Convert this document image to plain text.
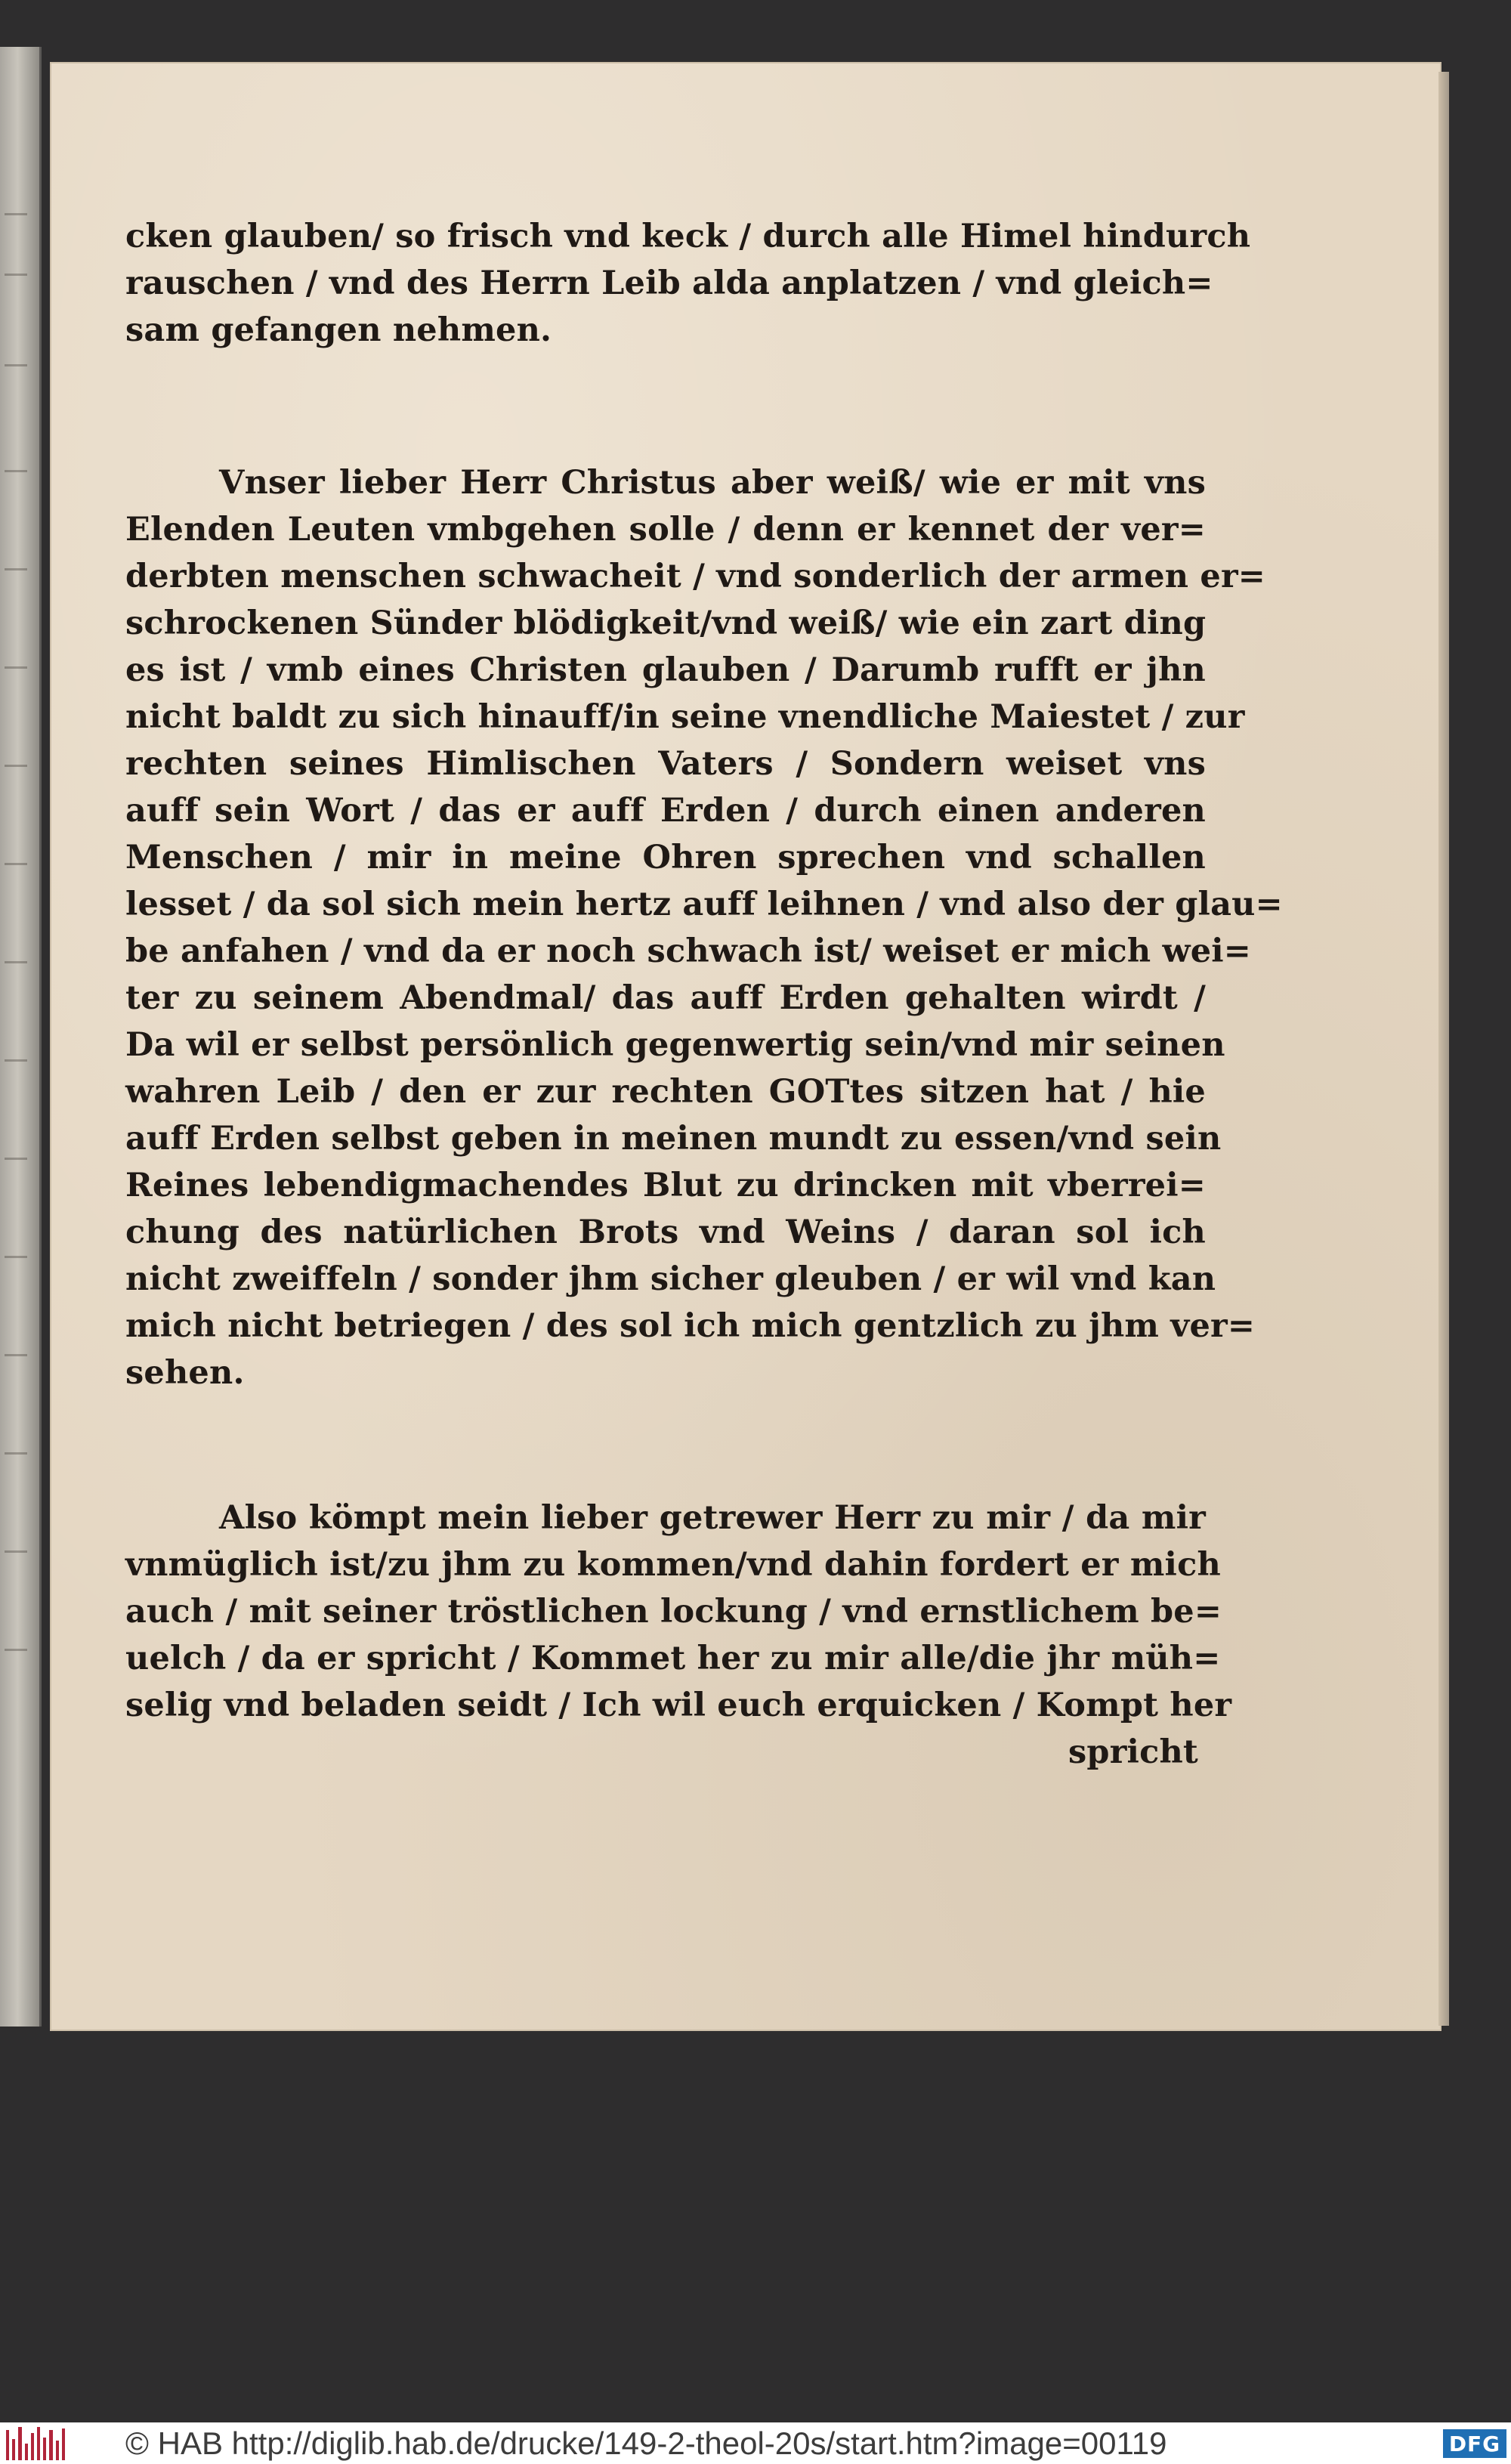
cken glauben/ so frisch vnd keck / durch alle Himel hindurch
rauschen / vnd des Herrn Leib alda anplatzen / vnd gleich=
sam gefangen nehmen.
Vnser lieber Herr Christus aber weiß/ wie er mit vns
Elenden Leuten vmbgehen solle / denn er kennet der ver=
derbten menschen schwacheit / vnd sonderlich der armen er=
schrockenen Sünder blödigkeit/vnd weiß/ wie ein zart ding
es ist / vmb eines Christen glauben / Darumb rufft er jhn
nicht baldt zu sich hinauff/in seine vnendliche Maiestet / zur
rechten seines Himlischen Vaters / Sondern weiset vns
auff sein Wort / das er auff Erden / durch einen anderen
Menschen / mir in meine Ohren sprechen vnd schallen
lesset / da sol sich mein hertz auff leihnen / vnd also der glau=
be anfahen / vnd da er noch schwach ist/ weiset er mich wei=
ter zu seinem Abendmal/ das auff Erden gehalten wirdt /
Da wil er selbst persönlich gegenwertig sein/vnd mir seinen
wahren Leib / den er zur rechten GOTtes sitzen hat / hie
auff Erden selbst geben in meinen mundt zu essen/vnd sein
Reines lebendigmachendes Blut zu drincken mit vberrei=
chung des natürlichen Brots vnd Weins / daran sol ich
nicht zweiffeln / sonder jhm sicher gleuben / er wil vnd kan
mich nicht betriegen / des sol ich mich gentzlich zu jhm ver=
sehen.
Also kömpt mein lieber getrewer Herr zu mir / da mir
vnmüglich ist/zu jhm zu kommen/vnd dahin fordert er mich
auch / mit seiner tröstlichen lockung / vnd ernstlichem be=
uelch / da er spricht / Kommet her zu mir alle/die jhr müh=
selig vnd beladen seidt / Ich wil euch erquicken / Kompt her
spricht
© HAB http://diglib.hab.de/drucke/149-2-theol-20s/start.htm?image=00119	DFG
